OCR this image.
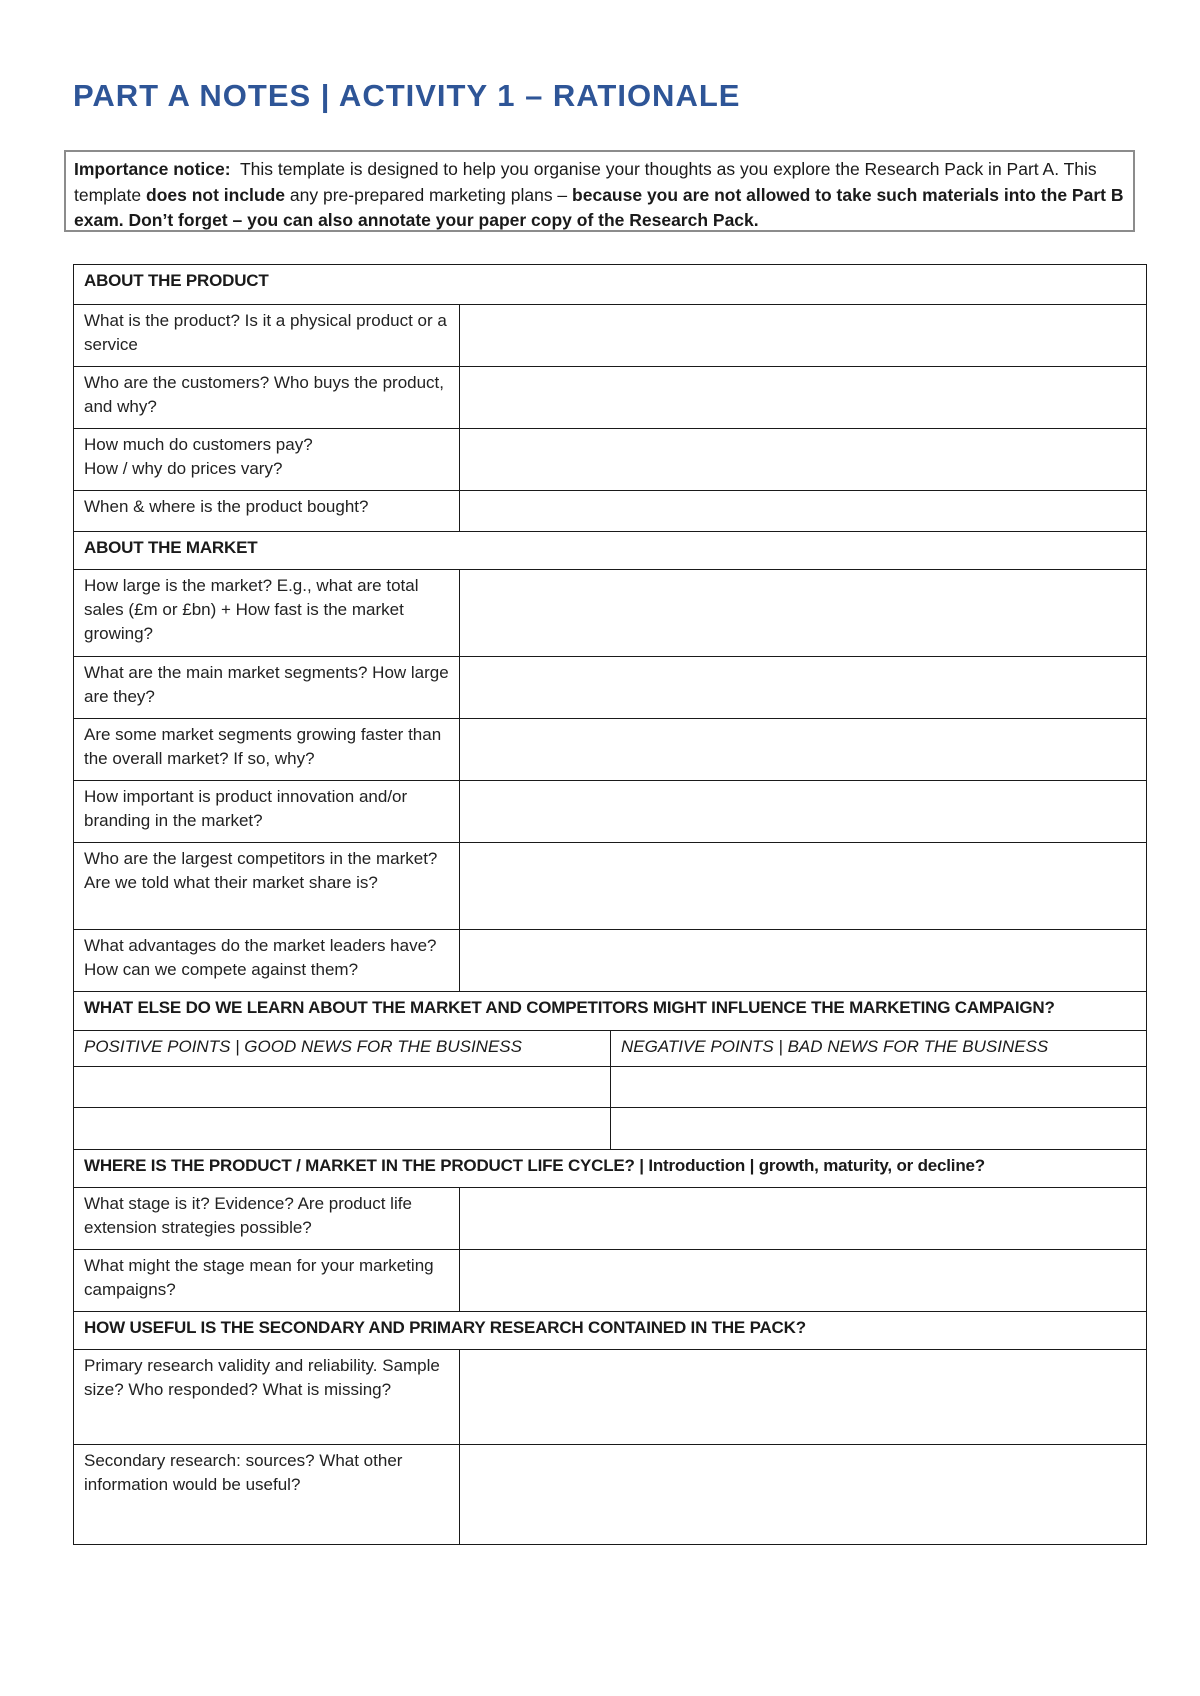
PART A NOTES | ACTIVITY 1 – RATIONALE
Importance notice: This template is designed to help you organise your thoughts as you explore the Research Pack in Part A. This template does not include any pre-prepared marketing plans – because you are not allowed to take such materials into the Part B exam. Don’t forget – you can also annotate your paper copy of the Research Pack.
ABOUT THE PRODUCT		
What is the product? Is it a physical product or a service		
Who are the customers? Who buys the product, and why?		

How much do customers pay?
How / why do prices vary?		

When & where is the product bought?		
ABOUT THE MARKET		
How large is the market? E.g., what are total sales (£m or £bn) + How fast is the market growing?		
What are the main market segments? How large are they?		
Are some market segments growing faster than the overall market? If so, why?		
How important is product innovation and/or branding in the market?		
Who are the largest competitors in the market? Are we told what their market share is?		
What advantages do the market leaders have? How can we compete against them?		
WHAT ELSE DO WE LEARN ABOUT THE MARKET AND COMPETITORS MIGHT INFLUENCE THE MARKETING CAMPAIGN?		
POSITIVE POINTS | GOOD NEWS FOR THE BUSINESS		NEGATIVE POINTS | BAD NEWS FOR THE BUSINESS

WHERE IS THE PRODUCT / MARKET IN THE PRODUCT LIFE CYCLE? | Introduction | growth, maturity, or decline?		
What stage is it? Evidence? Are product life extension strategies possible?		
What might the stage mean for your marketing campaigns?		
HOW USEFUL IS THE SECONDARY AND PRIMARY RESEARCH CONTAINED IN THE PACK?		
Primary research validity and reliability. Sample size? Who responded? What is missing?		
Secondary research: sources? What other information would be useful?		
